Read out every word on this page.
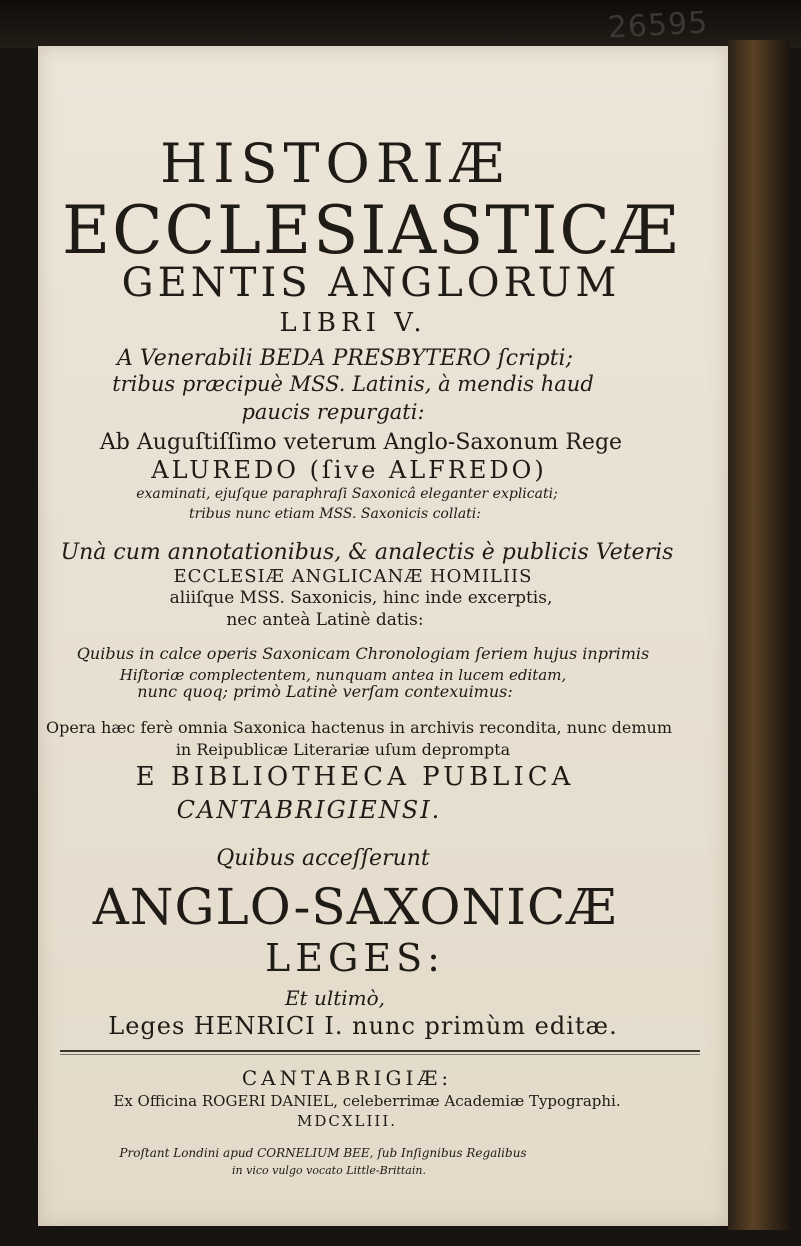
HISTORIÆ
ECCLESIASTICÆ
GENTIS ANGLORUM
LIBRI V.
A Venerabili BEDA PRESBYTERO ſcripti;
tribus præcipuè MSS. Latinis, à mendis haud
paucis repurgati:
Ab Auguſtiſſimo veterum Anglo-Saxonum Rege
ALUREDO (ſive ALFREDO)
examinati, ejuſque paraphraſi Saxonicâ eleganter explicati;
tribus nunc etiam MSS. Saxonicis collati:
Unà cum annotationibus, & analectis è publicis Veteris
ECCLESIÆ ANGLICANÆ HOMILIIS
aliiſque MSS. Saxonicis, hinc inde excerptis,
nec anteà Latinè datis:
Quibus in calce operis Saxonicam Chronologiam ſeriem hujus inprimis
Hiſtoriæ complectentem, nunquam antea in lucem editam,
nunc quoq; primò Latinè verſam contexuimus:
Opera hæc ferè omnia Saxonica hactenus in archivis recondita, nunc demum
in Reipublicæ Literariæ uſum deprompta
E BIBLIOTHECA PUBLICA
CANTABRIGIENSI.
Quibus acceſſerunt
ANGLO-SAXONICÆ
LEGES:
Et ultimò,
Leges HENRICI I. nunc primùm editæ.
CANTABRIGIÆ:
Ex Officina ROGERI DANIEL, celeberrimæ Academiæ Typographi.
MDCXLIII.
Proſtant Londini apud CORNELIUM BEE, ſub Inſignibus Regalibus
in vico vulgo vocato Little-Brittain.
26595
